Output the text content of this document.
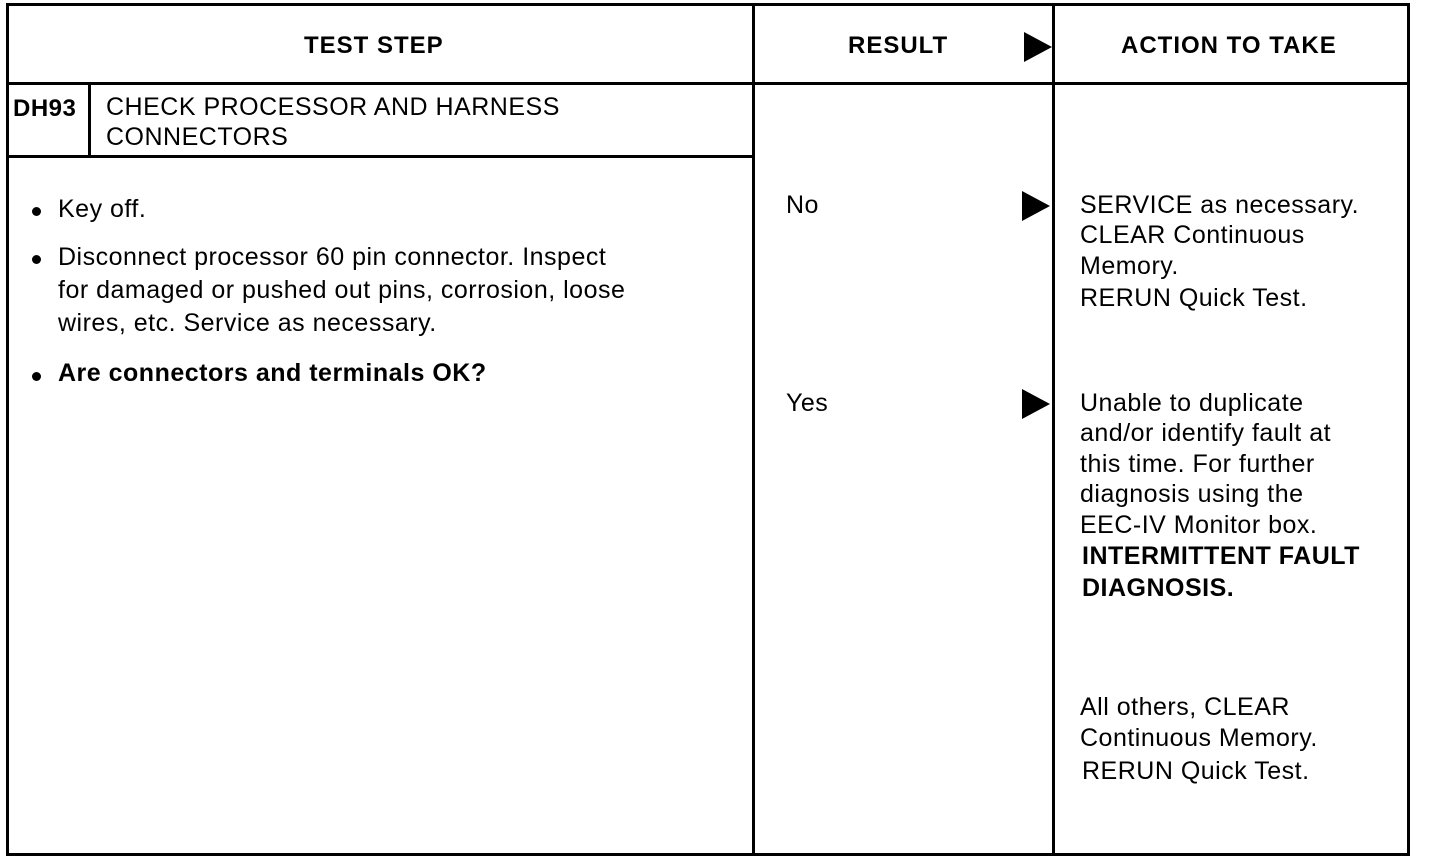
TEST STEP	RESULT	ACTION TO TAKE
DH93 CHECK PROCESSOR AND HARNESS
CONNECTORS
Key off.
Disconnect processor 60 pin connector. Inspect
for damaged or pushed out pins, corrosion, loose
wires, etc. Service as necessary.
Are connectors and terminals OK?
No
Yes
SERVICE as necessary.
CLEAR Continuous
Memory.
RERUN Quick Test.
Unable to duplicate
and/or identify fault at
this time. For further
diagnosis using the
EEC-IV Monitor box.
INTERMITTENT FAULT
DIAGNOSIS.
All others, CLEAR
Continuous Memory.
RERUN Quick Test.
